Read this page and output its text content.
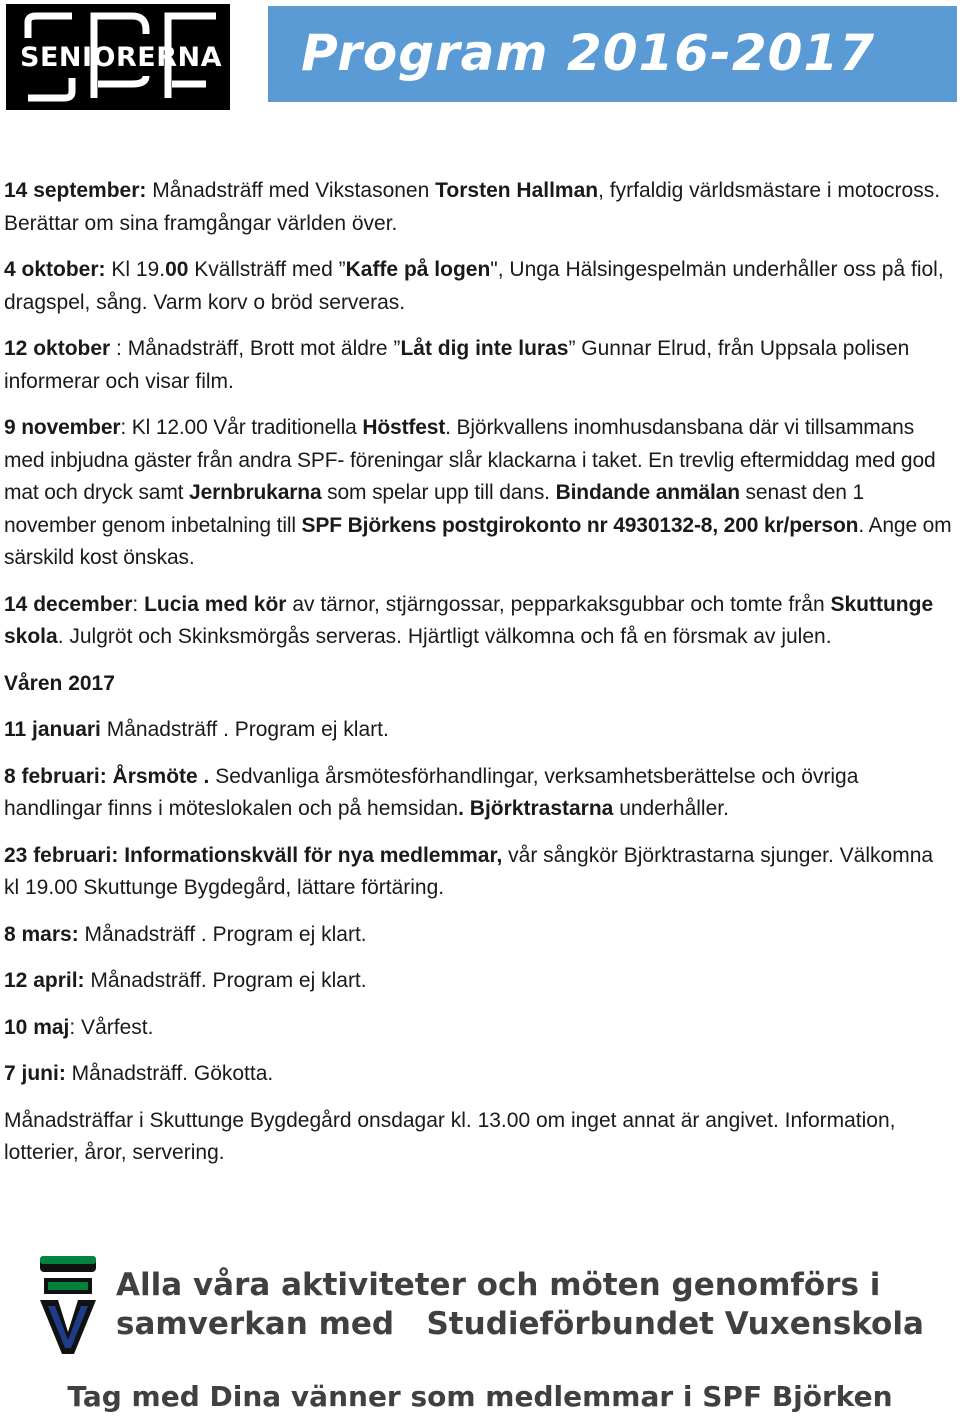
SENIORERNA Program 2016-2017

14 september: Månadsträff med Vikstasonen Torsten Hallman, fyrfaldig världsmästare i motocross. Berättar om sina framgångar världen över.

4 oktober: Kl 19.00 Kvällsträff med ”Kaffe på logen", Unga Hälsingespelmän underhåller oss på fiol, dragspel, sång. Varm korv o bröd serveras.

12 oktober : Månadsträff, Brott mot äldre ”Låt dig inte luras” Gunnar Elrud, från Uppsala polisen informerar och visar film.

9 november: Kl 12.00 Vår traditionella Höstfest. Björkvallens inomhusdansbana där vi tillsammans med inbjudna gäster från andra SPF- föreningar slår klackarna i taket. En trevlig eftermiddag med god mat och dryck samt Jernbrukarna som spelar upp till dans. Bindande anmälan senast den 1 november genom inbetalning till SPF Björkens postgirokonto nr 4930132-8, 200 kr/person. Ange om särskild kost önskas.

14 december: Lucia med kör av tärnor, stjärngossar, pepparkaksgubbar och tomte från Skuttunge skola. Julgröt och Skinksmörgås serveras. Hjärtligt välkomna och få en försmak av julen.

Våren 2017

11 januari Månadsträff . Program ej klart.

8 februari: Årsmöte . Sedvanliga årsmötesförhandlingar, verksamhetsberättelse och övriga handlingar finns i möteslokalen och på hemsidan. Björktrastarna underhåller.

23 februari: Informationskväll för nya medlemmar, vår sångkör Björktrastarna sjunger. Välkomna kl 19.00 Skuttunge Bygdegård, lättare förtäring.

8 mars: Månadsträff . Program ej klart.

12 april: Månadsträff. Program ej klart.

10 maj: Vårfest.

7 juni: Månadsträff. Gökotta.

Månadsträffar i Skuttunge Bygdegård onsdagar kl. 13.00 om inget annat är angivet. Information, lotterier, åror, servering.

Alla våra aktiviteter och möten genomförs i
samverkan med   Studieförbundet Vuxenskola
Tag med Dina vänner som medlemmar i SPF Björken
